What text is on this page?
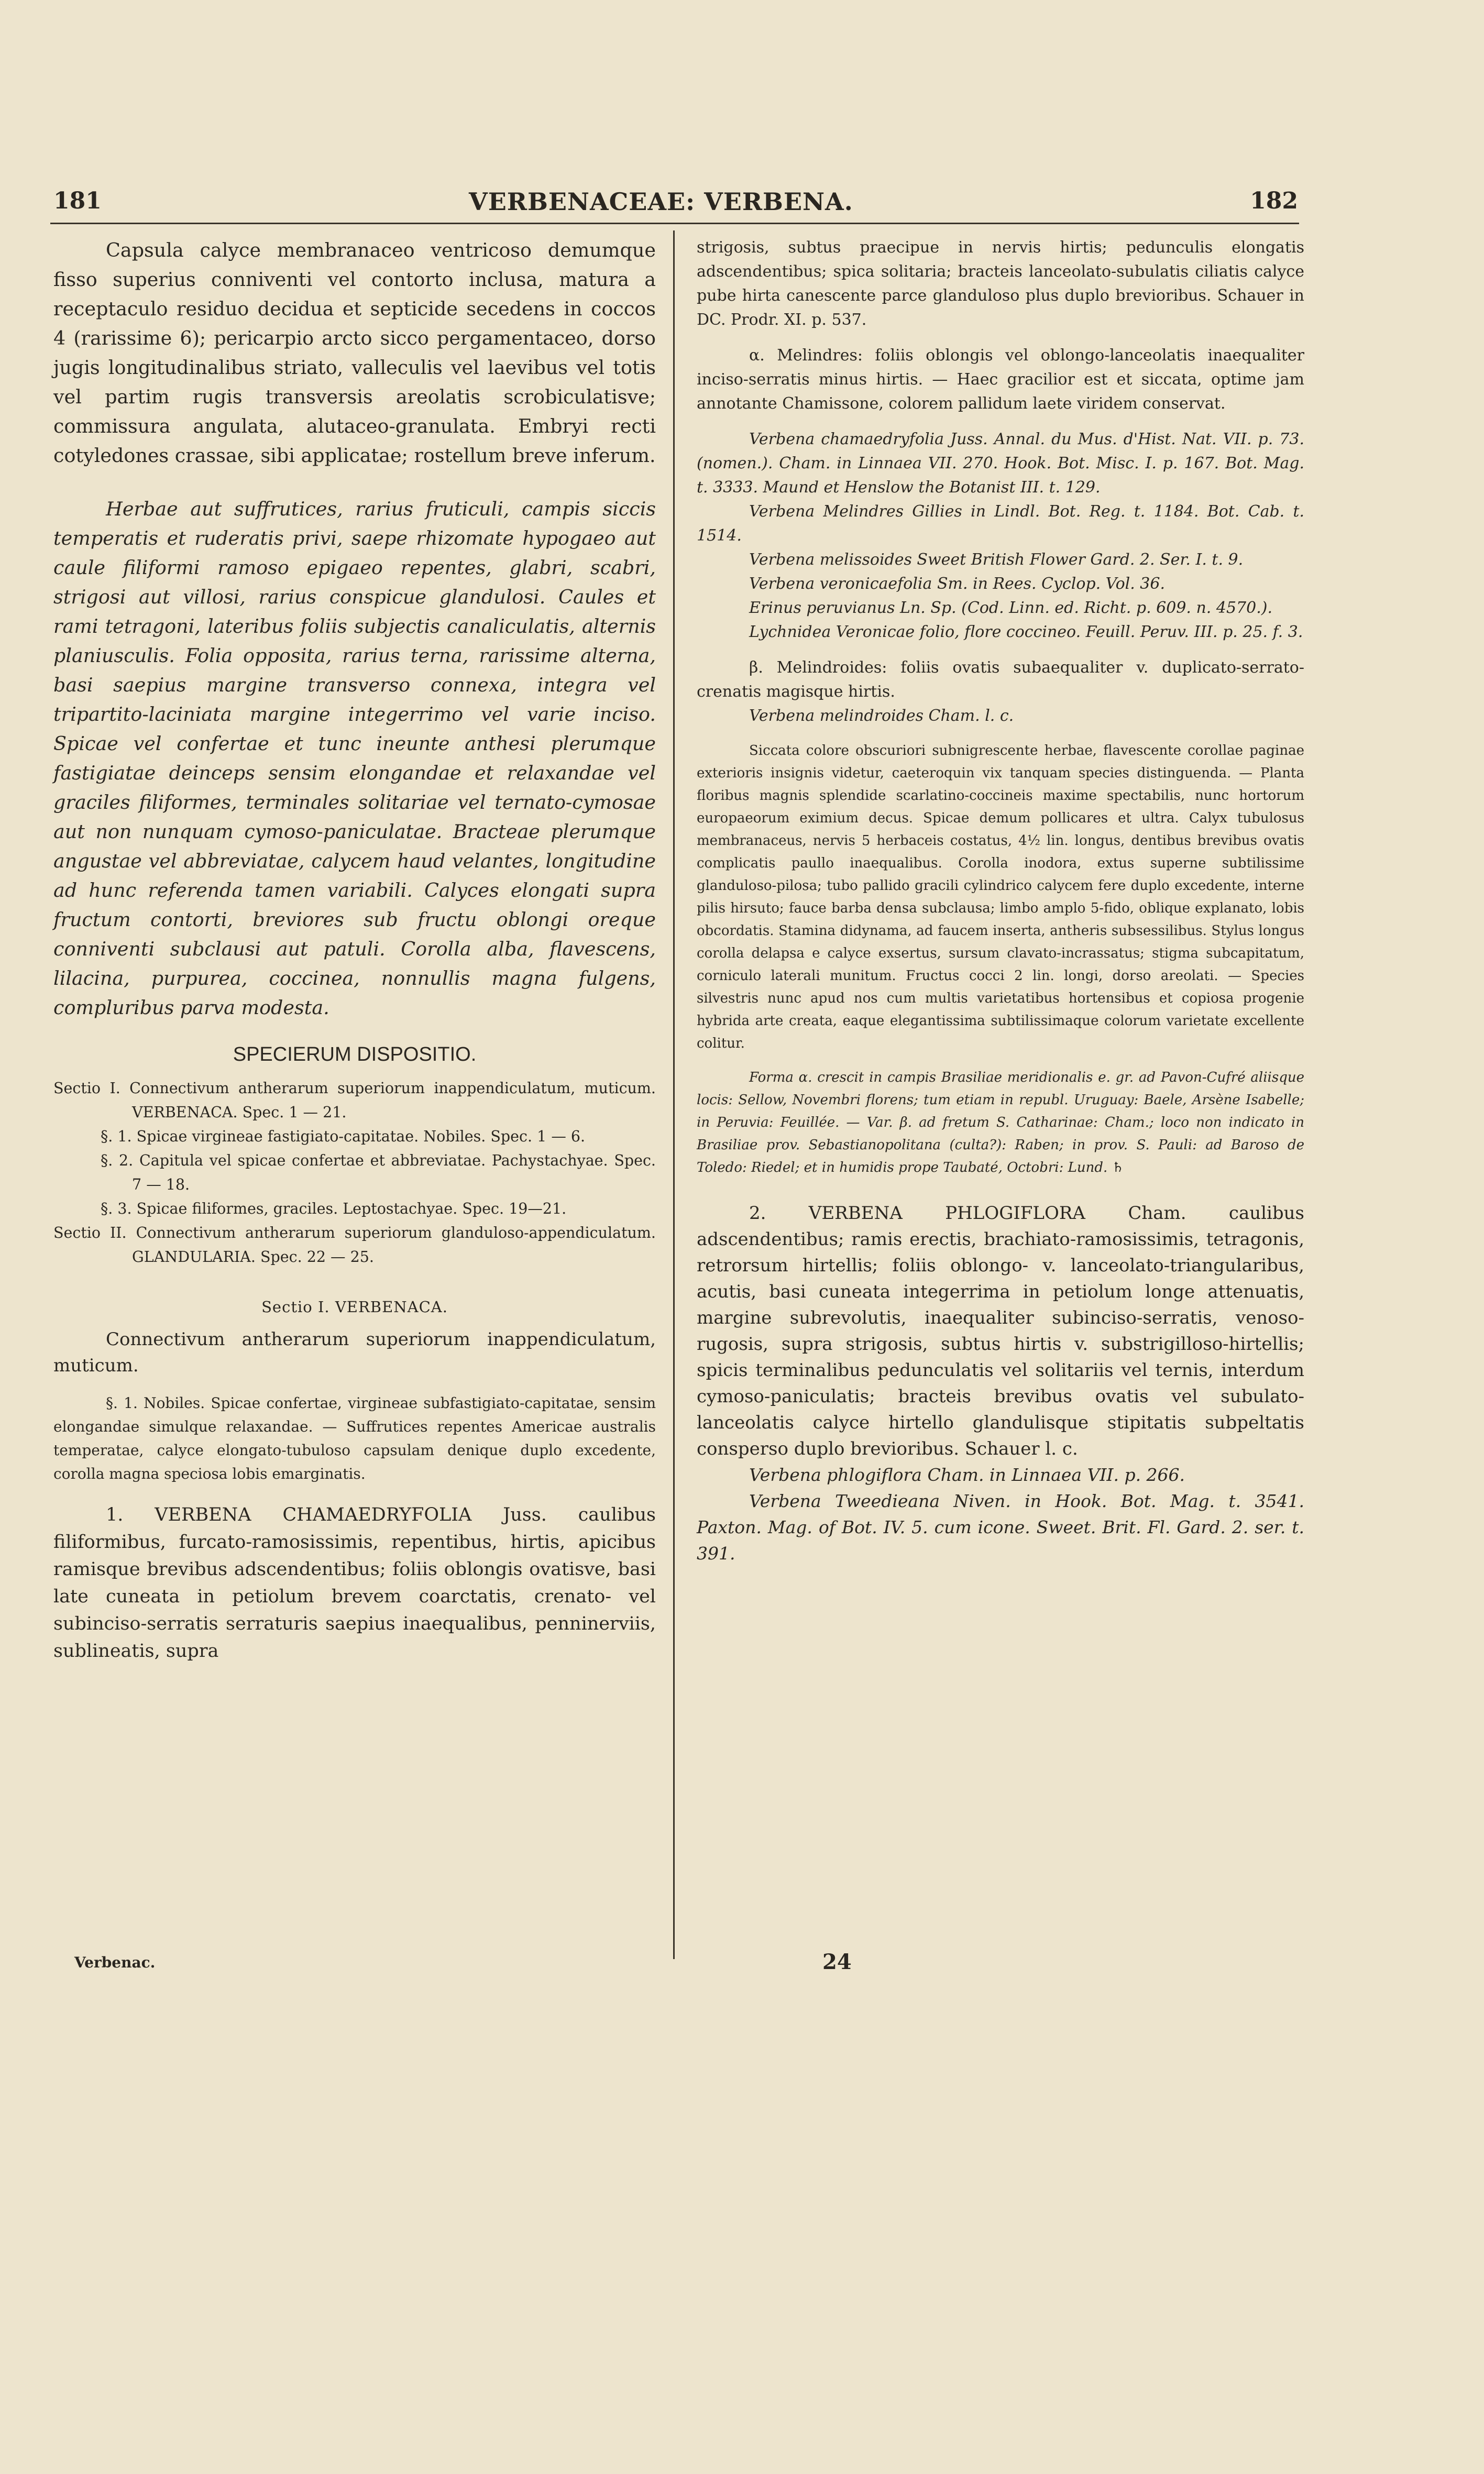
181	VERBENACEAE: VERBENA.	182

Capsula calyce membranaceo ventricoso demumque fisso superius conniventi vel contorto inclusa, matura a receptaculo residuo decidua et septicide secedens in coccos 4 (rarissime 6); pericarpio arcto sicco pergamentaceo, dorso jugis longitudinalibus striato, valleculis vel laevibus vel totis vel partim rugis transversis areolatis scrobiculatisve; commissura angulata, alutaceo-granulata. Embryi recti cotyledones crassae, sibi applicatae; rostellum breve inferum.

Herbae aut suffrutices, rarius fruticuli, campis siccis temperatis et ruderatis privi, saepe rhizomate hypogaeo aut caule filiformi ramoso epigaeo repentes, glabri, scabri, strigosi aut villosi, rarius conspicue glandulosi. Caules et rami tetragoni, lateribus foliis subjectis canaliculatis, alternis planiusculis. Folia opposita, rarius terna, rarissime alterna, basi saepius margine transverso connexa, integra vel tripartito-laciniata margine integerrimo vel varie inciso. Spicae vel confertae et tunc ineunte anthesi plerumque fastigiatae deinceps sensim elongandae et relaxandae vel graciles filiformes, terminales solitariae vel ternato-cymosae aut non nunquam cymoso-paniculatae. Bracteae plerumque angustae vel abbreviatae, calycem haud velantes, longitudine ad hunc referenda tamen variabili. Calyces elongati supra fructum contorti, breviores sub fructu oblongi oreque conniventi subclausi aut patuli. Corolla alba, flavescens, lilacina, purpurea, coccinea, nonnullis magna fulgens, compluribus parva modesta.

SPECIERUM DISPOSITIO.

Sectio I. Connectivum antherarum superiorum inappendiculatum, muticum. VERBENACA. Spec. 1 — 21.

§. 1. Spicae virgineae fastigiato-capitatae. Nobiles. Spec. 1 — 6.

§. 2. Capitula vel spicae confertae et abbreviatae. Pachystachyae. Spec. 7 — 18.

§. 3. Spicae filiformes, graciles. Leptostachyae. Spec. 19—21.

Sectio II. Connectivum antherarum superiorum glanduloso-appendiculatum. GLANDULARIA. Spec. 22 — 25.

Sectio I. VERBENACA.

Connectivum antherarum superiorum inappendiculatum, muticum.

§. 1. Nobiles. Spicae confertae, virgineae subfastigiato-capitatae, sensim elongandae simulque relaxandae. — Suffrutices repentes Americae australis temperatae, calyce elongato-tubuloso capsulam denique duplo excedente, corolla magna speciosa lobis emarginatis.

1. VERBENA CHAMAEDRYFOLIA Juss. caulibus filiformibus, furcato-ramosissimis, repentibus, hirtis, apicibus ramisque brevibus adscendentibus; foliis oblongis ovatisve, basi late cuneata in petiolum brevem coarctatis, crenato- vel subinciso-serratis serraturis saepius inaequalibus, penninerviis, sublineatis, supra

Verbenac.

strigosis, subtus praecipue in nervis hirtis; pedunculis elongatis adscendentibus; spica solitaria; bracteis lanceolato-subulatis ciliatis calyce pube hirta canescente parce glanduloso plus duplo brevioribus. Schauer in DC. Prodr. XI. p. 537.

α. Melindres: foliis oblongis vel oblongo-lanceolatis inaequaliter inciso-serratis minus hirtis. — Haec gracilior est et siccata, optime jam annotante Chamissone, colorem pallidum laete viridem conservat.

Verbena chamaedryfolia Juss. Annal. du Mus. d'Hist. Nat. VII. p. 73. (nomen.). Cham. in Linnaea VII. 270. Hook. Bot. Misc. I. p. 167. Bot. Mag. t. 3333. Maund et Henslow the Botanist III. t. 129.

Verbena Melindres Gillies in Lindl. Bot. Reg. t. 1184. Bot. Cab. t. 1514.

Verbena melissoides Sweet British Flower Gard. 2. Ser. I. t. 9.

Verbena veronicaefolia Sm. in Rees. Cyclop. Vol. 36.

Erinus peruvianus Ln. Sp. (Cod. Linn. ed. Richt. p. 609. n. 4570.).

Lychnidea Veronicae folio, flore coccineo. Feuill. Peruv. III. p. 25. f. 3.

β. Melindroides: foliis ovatis subaequaliter v. duplicato-serrato-crenatis magisque hirtis.

Verbena melindroides Cham. l. c.

Siccata colore obscuriori subnigrescente herbae, flavescente corollae paginae exterioris insignis videtur, caeteroquin vix tanquam species distinguenda. — Planta floribus magnis splendide scarlatino-coccineis maxime spectabilis, nunc hortorum europaeorum eximium decus. Spicae demum pollicares et ultra. Calyx tubulosus membranaceus, nervis 5 herbaceis costatus, 4½ lin. longus, dentibus brevibus ovatis complicatis paullo inaequalibus. Corolla inodora, extus superne subtilissime glanduloso-pilosa; tubo pallido gracili cylindrico calycem fere duplo excedente, interne pilis hirsuto; fauce barba densa subclausa; limbo amplo 5-fido, oblique explanato, lobis obcordatis. Stamina didynama, ad faucem inserta, antheris subsessilibus. Stylus longus corolla delapsa e calyce exsertus, sursum clavato-incrassatus; stigma subcapitatum, corniculo laterali munitum. Fructus cocci 2 lin. longi, dorso areolati. — Species silvestris nunc apud nos cum multis varietatibus hortensibus et copiosa progenie hybrida arte creata, eaque elegantissima subtilissimaque colorum varietate excellente colitur.

Forma α. crescit in campis Brasiliae meridionalis e. gr. ad Pavon-Cufré aliisque locis: Sellow, Novembri florens; tum etiam in republ. Uruguay: Baele, Arsène Isabelle; in Peruvia: Feuillée. — Var. β. ad fretum S. Catharinae: Cham.; loco non indicato in Brasiliae prov. Sebastianopolitana (culta?): Raben; in prov. S. Pauli: ad Baroso de Toledo: Riedel; et in humidis prope Taubaté, Octobri: Lund. ♄

2. VERBENA PHLOGIFLORA Cham. caulibus adscendentibus; ramis erectis, brachiato-ramosissimis, tetragonis, retrorsum hirtellis; foliis oblongo- v. lanceolato-triangularibus, acutis, basi cuneata integerrima in petiolum longe attenuatis, margine subrevolutis, inaequaliter subinciso-serratis, venoso-rugosis, supra strigosis, subtus hirtis v. substrigilloso-hirtellis; spicis terminalibus pedunculatis vel solitariis vel ternis, interdum cymoso-paniculatis; bracteis brevibus ovatis vel subulato-lanceolatis calyce hirtello glandulisque stipitatis subpeltatis consperso duplo brevioribus. Schauer l. c.

Verbena phlogiflora Cham. in Linnaea VII. p. 266.

Verbena Tweedieana Niven. in Hook. Bot. Mag. t. 3541. Paxton. Mag. of Bot. IV. 5. cum icone. Sweet. Brit. Fl. Gard. 2. ser. t. 391.

24
